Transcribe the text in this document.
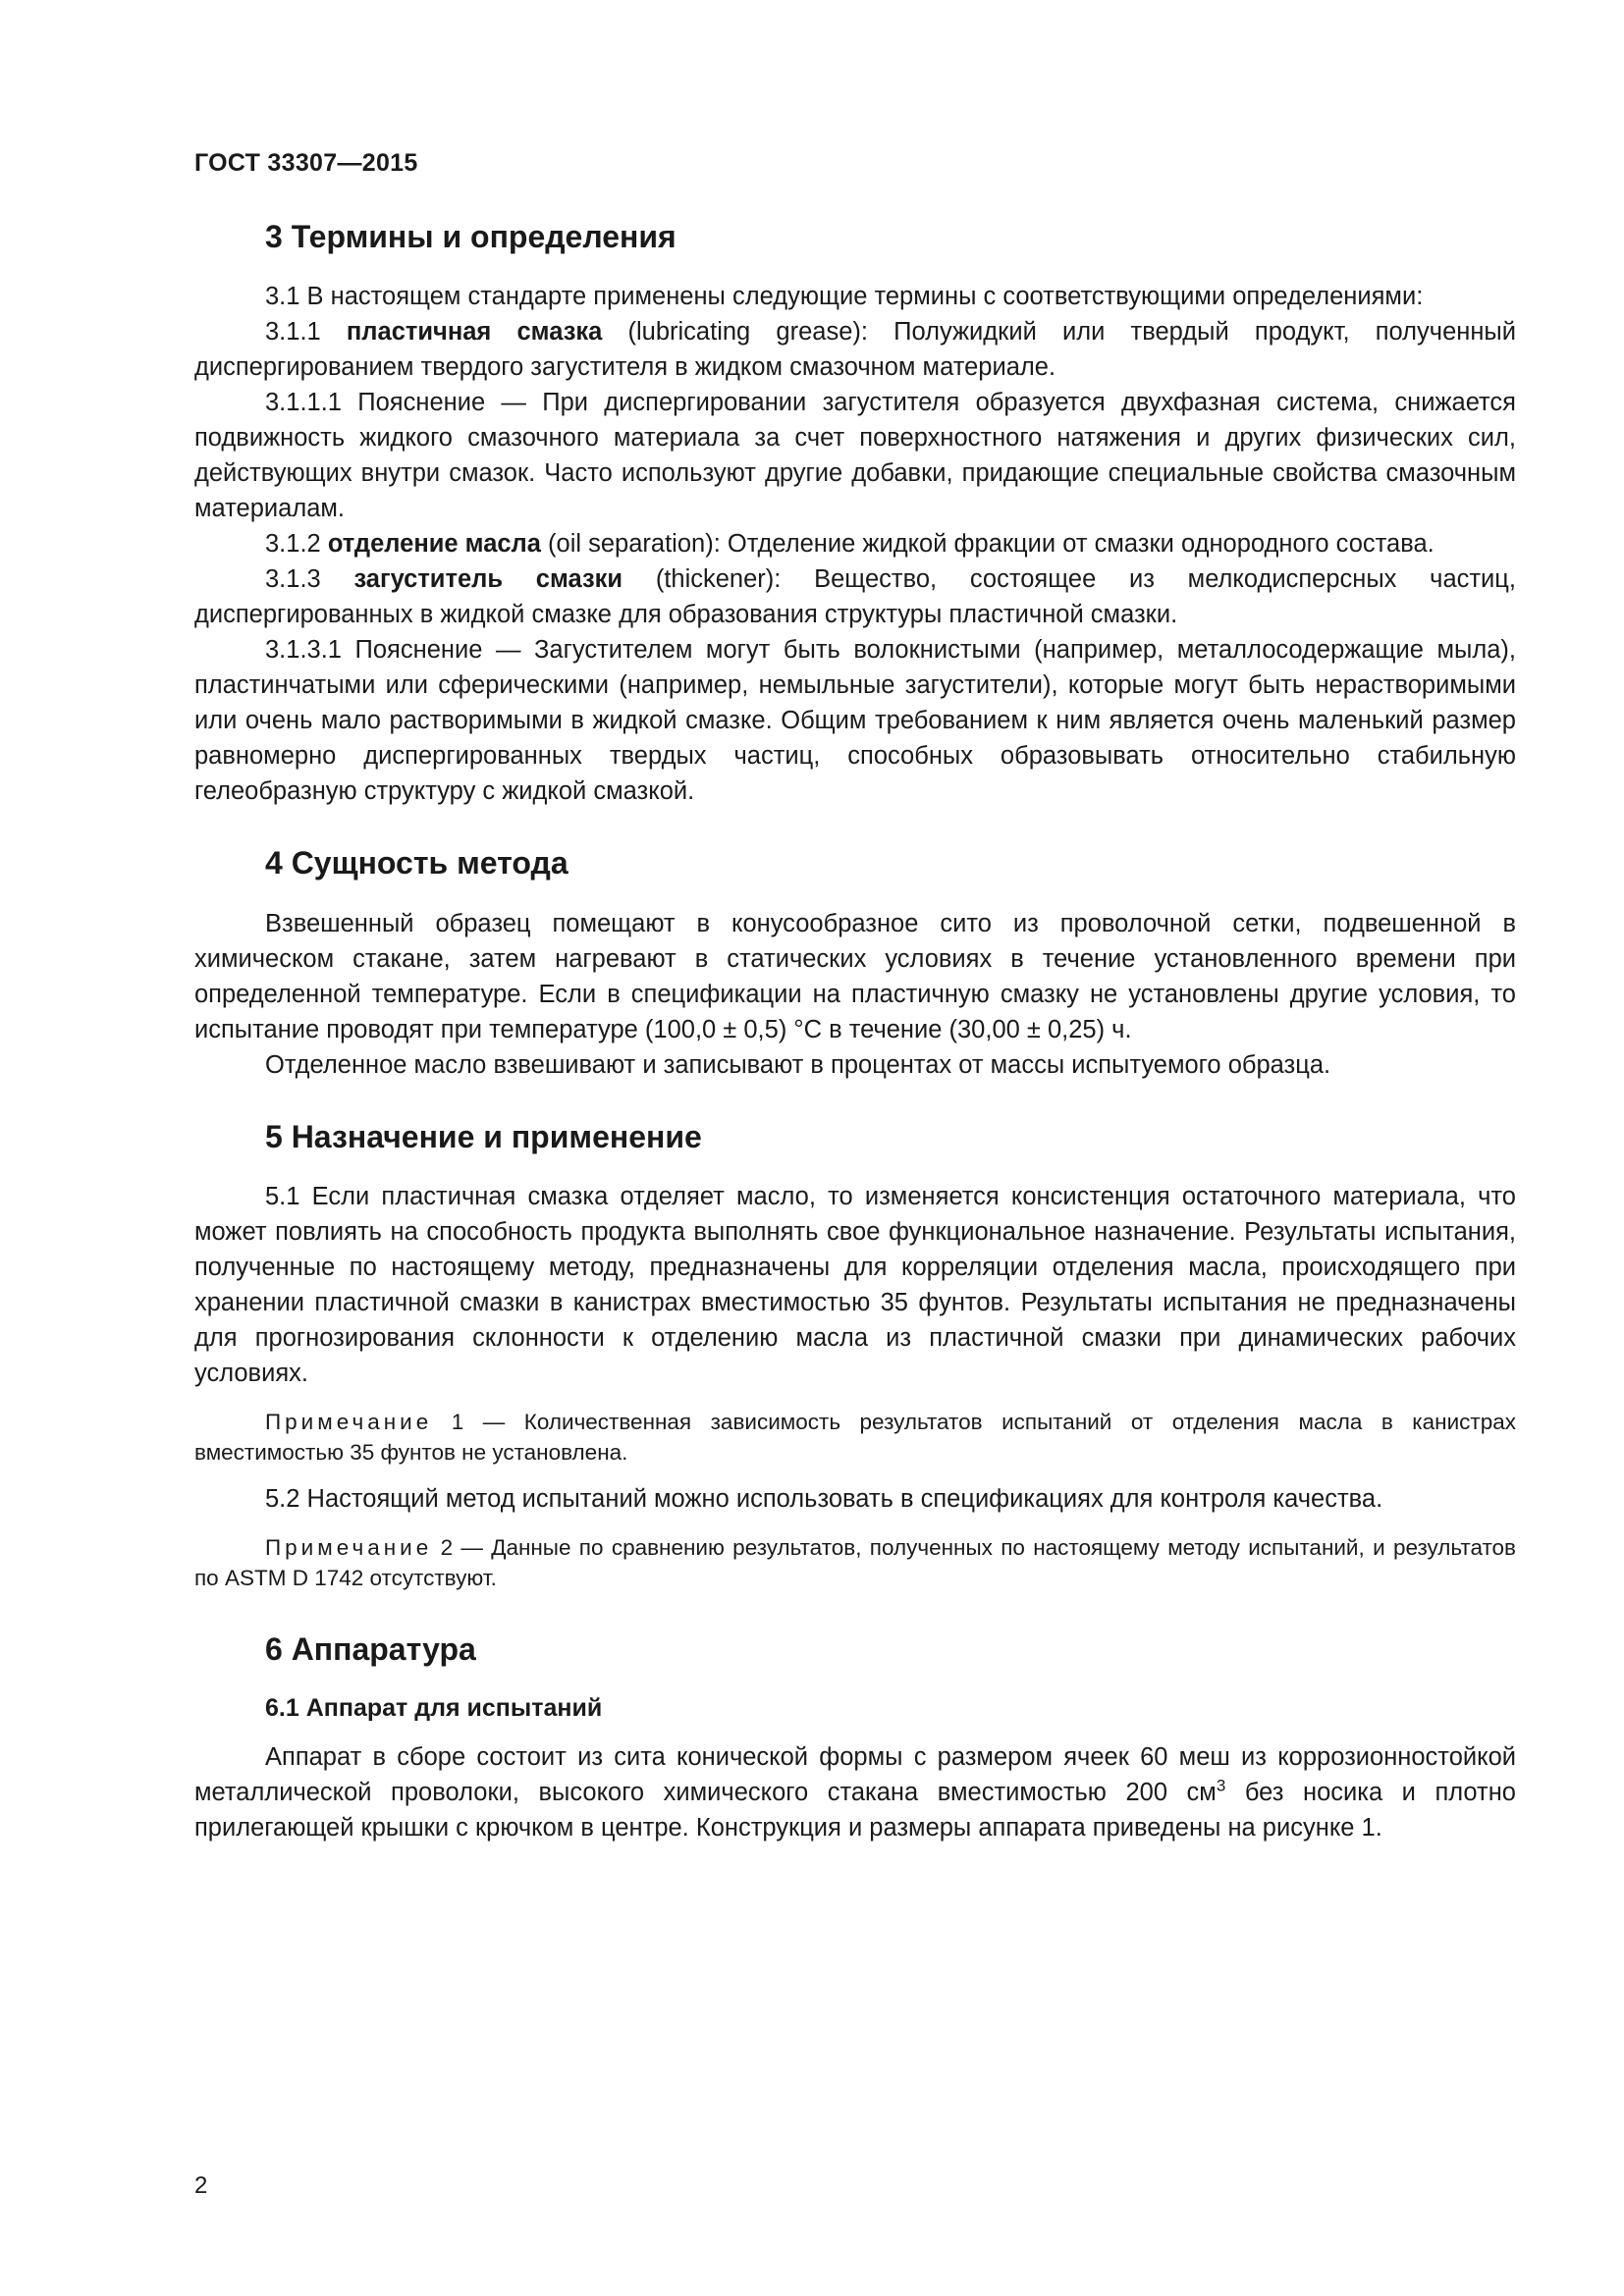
ГОСТ 33307—2015
3 Термины и определения

3.1 В настоящем стандарте применены следующие термины с соответствующими определениями:

3.1.1 пластичная смазка (lubricating grease): Полужидкий или твердый продукт, полученный диспергированием твердого загустителя в жидком смазочном материале.

3.1.1.1 Пояснение — При диспергировании загустителя образуется двухфазная система, снижается подвижность жидкого смазочного материала за счет поверхностного натяжения и других физических сил, действующих внутри смазок. Часто используют другие добавки, придающие специальные свойства смазочным материалам.

3.1.2 отделение масла (oil separation): Отделение жидкой фракции от смазки однородного состава.

3.1.3 загуститель смазки (thickener): Вещество, состоящее из мелкодисперсных частиц, диспергированных в жидкой смазке для образования структуры пластичной смазки.

3.1.3.1 Пояснение — Загустителем могут быть волокнистыми (например, металлосодержащие мыла), пластинчатыми или сферическими (например, немыльные загустители), которые могут быть нерастворимыми или очень мало растворимыми в жидкой смазке. Общим требованием к ним является очень маленький размер равномерно диспергированных твердых частиц, способных образовывать относительно стабильную гелеобразную структуру с жидкой смазкой.

4 Сущность метода

Взвешенный образец помещают в конусообразное сито из проволочной сетки, подвешенной в химическом стакане, затем нагревают в статических условиях в течение установленного времени при определенной температуре. Если в спецификации на пластичную смазку не установлены другие условия, то испытание проводят при температуре (100,0 ± 0,5) °С в течение (30,00 ± 0,25) ч.

Отделенное масло взвешивают и записывают в процентах от массы испытуемого образца.

5 Назначение и применение

5.1 Если пластичная смазка отделяет масло, то изменяется консистенция остаточного материала, что может повлиять на способность продукта выполнять свое функциональное назначение. Результаты испытания, полученные по настоящему методу, предназначены для корреляции отделения масла, происходящего при хранении пластичной смазки в канистрах вместимостью 35 фунтов. Результаты испытания не предназначены для прогнозирования склонности к отделению масла из пластичной смазки при динамических рабочих условиях.

Примечание 1 — Количественная зависимость результатов испытаний от отделения масла в канистрах вместимостью 35 фунтов не установлена.

5.2 Настоящий метод испытаний можно использовать в спецификациях для контроля качества.

Примечание 2 — Данные по сравнению результатов, полученных по настоящему методу испытаний, и результатов по ASTM D 1742 отсутствуют.

6 Аппаратура
6.1 Аппарат для испытаний

Аппарат в сборе состоит из сита конической формы с размером ячеек 60 меш из коррозионностойкой металлической проволоки, высокого химического стакана вместимостью 200 $см^3$ без носика и плотно прилегающей крышки с крючком в центре. Конструкция и размеры аппарата приведены на рисунке 1.

2
